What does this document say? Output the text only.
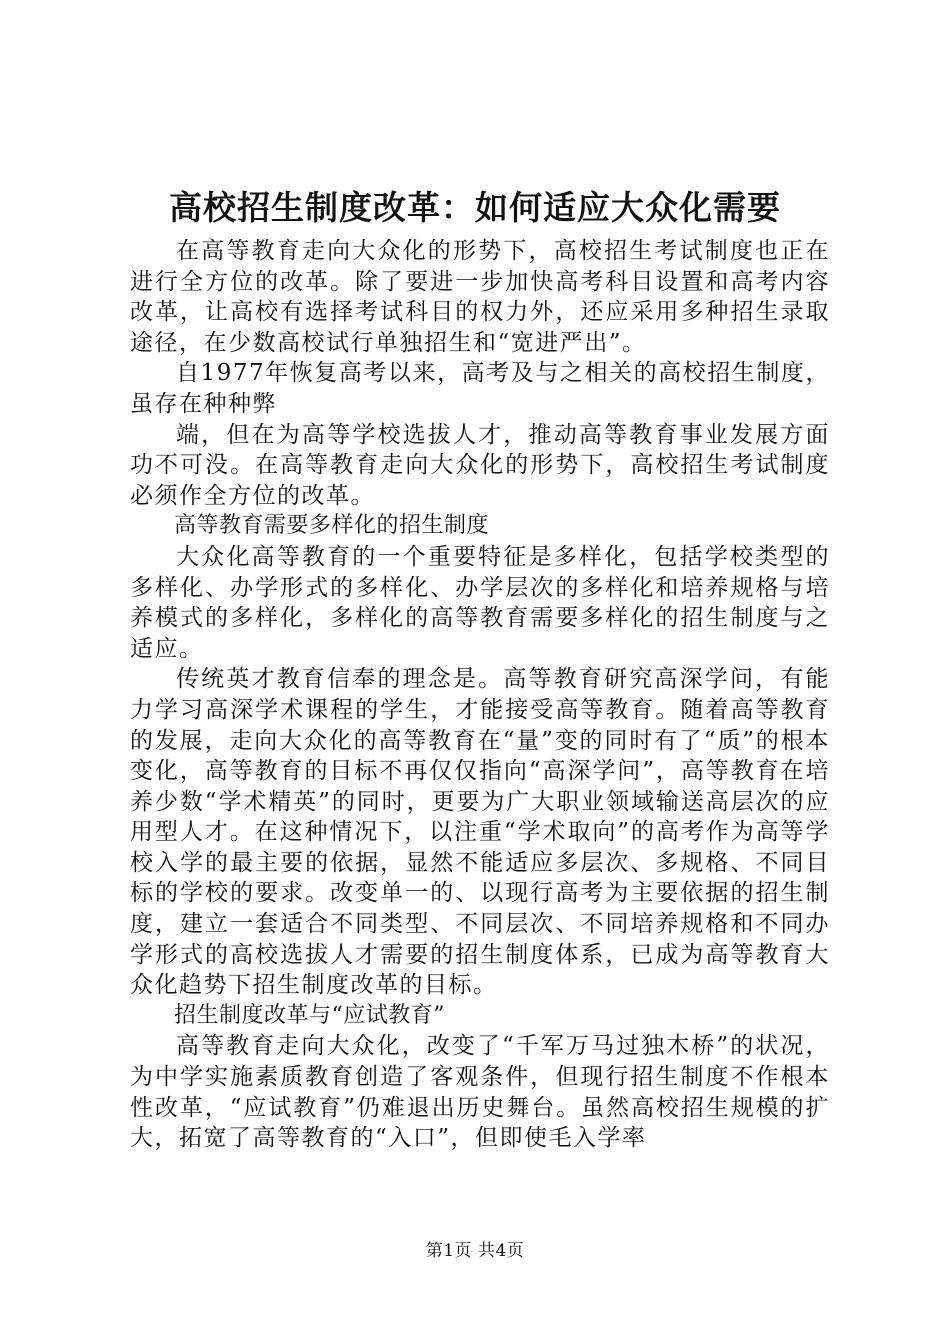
高校招生制度改革：如何适应大众化需要

在高等教育走向大众化的形势下，高校招生考试制度也正在进行全方位的改革。除了要进一步加快高考科目设置和高考内容改革，让高校有选择考试科目的权力外，还应采用多种招生录取途径，在少数高校试行单独招生和“宽进严出”。

自1977年恢复高考以来，高考及与之相关的高校招生制度，虽存在种种弊

端，但在为高等学校选拔人才，推动高等教育事业发展方面功不可没。在高等教育走向大众化的形势下，高校招生考试制度必须作全方位的改革。

高等教育需要多样化的招生制度

大众化高等教育的一个重要特征是多样化，包括学校类型的多样化、办学形式的多样化、办学层次的多样化和培养规格与培养模式的多样化，多样化的高等教育需要多样化的招生制度与之适应。

传统英才教育信奉的理念是。高等教育研究高深学问，有能力学习高深学术课程的学生，才能接受高等教育。随着高等教育的发展，走向大众化的高等教育在“量”变的同时有了“质”的根本变化，高等教育的目标不再仅仅指向“高深学问”，高等教育在培养少数“学术精英”的同时，更要为广大职业领域输送高层次的应用型人才。在这种情况下，以注重“学术取向”的高考作为高等学校入学的最主要的依据，显然不能适应多层次、多规格、不同目标的学校的要求。改变单一的、以现行高考为主要依据的招生制度，建立一套适合不同类型、不同层次、不同培养规格和不同办学形式的高校选拔人才需要的招生制度体系，已成为高等教育大众化趋势下招生制度改革的目标。

招生制度改革与“应试教育”

高等教育走向大众化，改变了“千军万马过独木桥”的状况，为中学实施素质教育创造了客观条件，但现行招生制度不作根本性改革，“应试教育”仍难退出历史舞台。虽然高校招生规模的扩大，拓宽了高等教育的“入口”，但即使毛入学率

第1页 共4页
